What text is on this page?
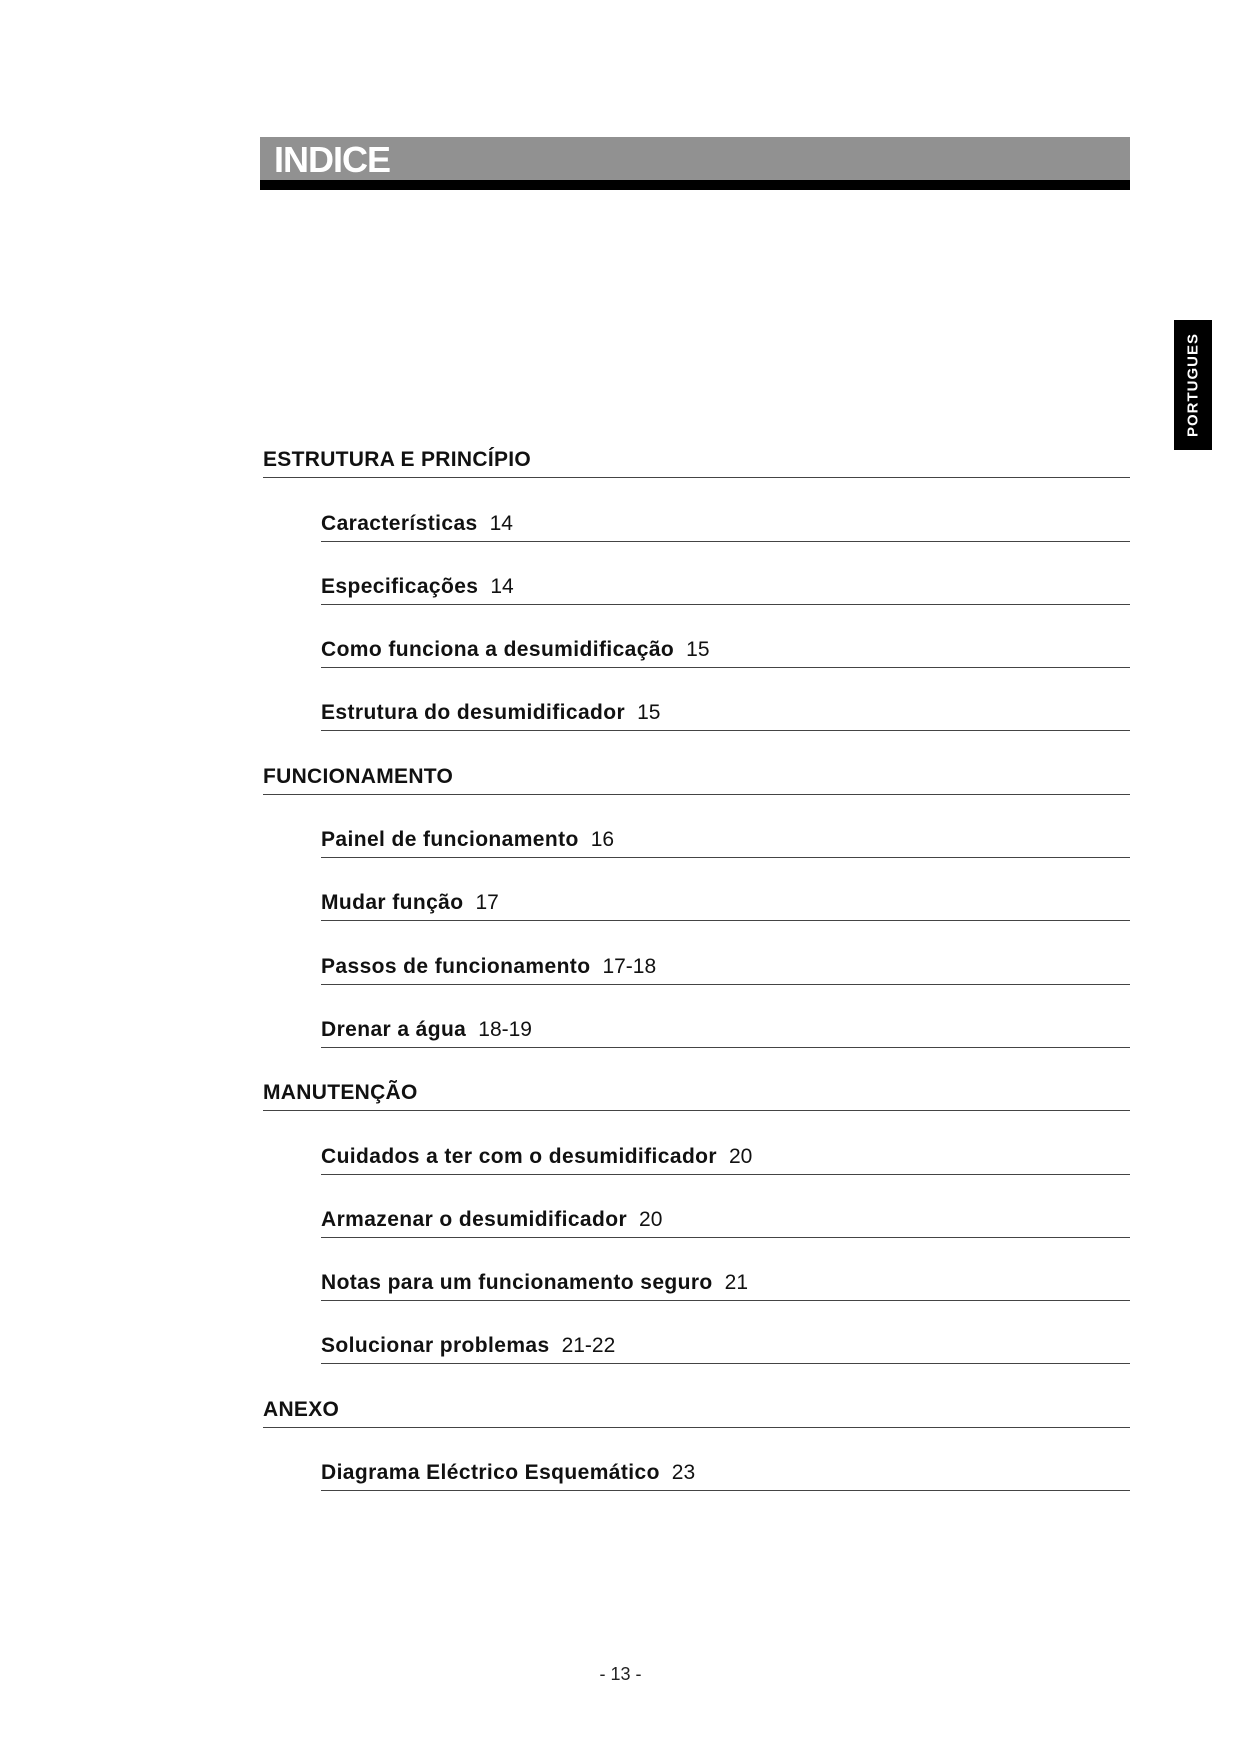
INDICE
PORTUGUES
ESTRUTURA E PRINCÍPIO
Características 14
Especificações 14
Como funciona a desumidificação 15
Estrutura do desumidificador 15
FUNCIONAMENTO
Painel de funcionamento 16
Mudar função 17
Passos de funcionamento 17-18
Drenar a água 18-19
MANUTENÇÃO
Cuidados a ter com o desumidificador 20
Armazenar o desumidificador 20
Notas para um funcionamento seguro 21
Solucionar problemas 21-22
ANEXO
Diagrama Eléctrico Esquemático 23
- 13 -
